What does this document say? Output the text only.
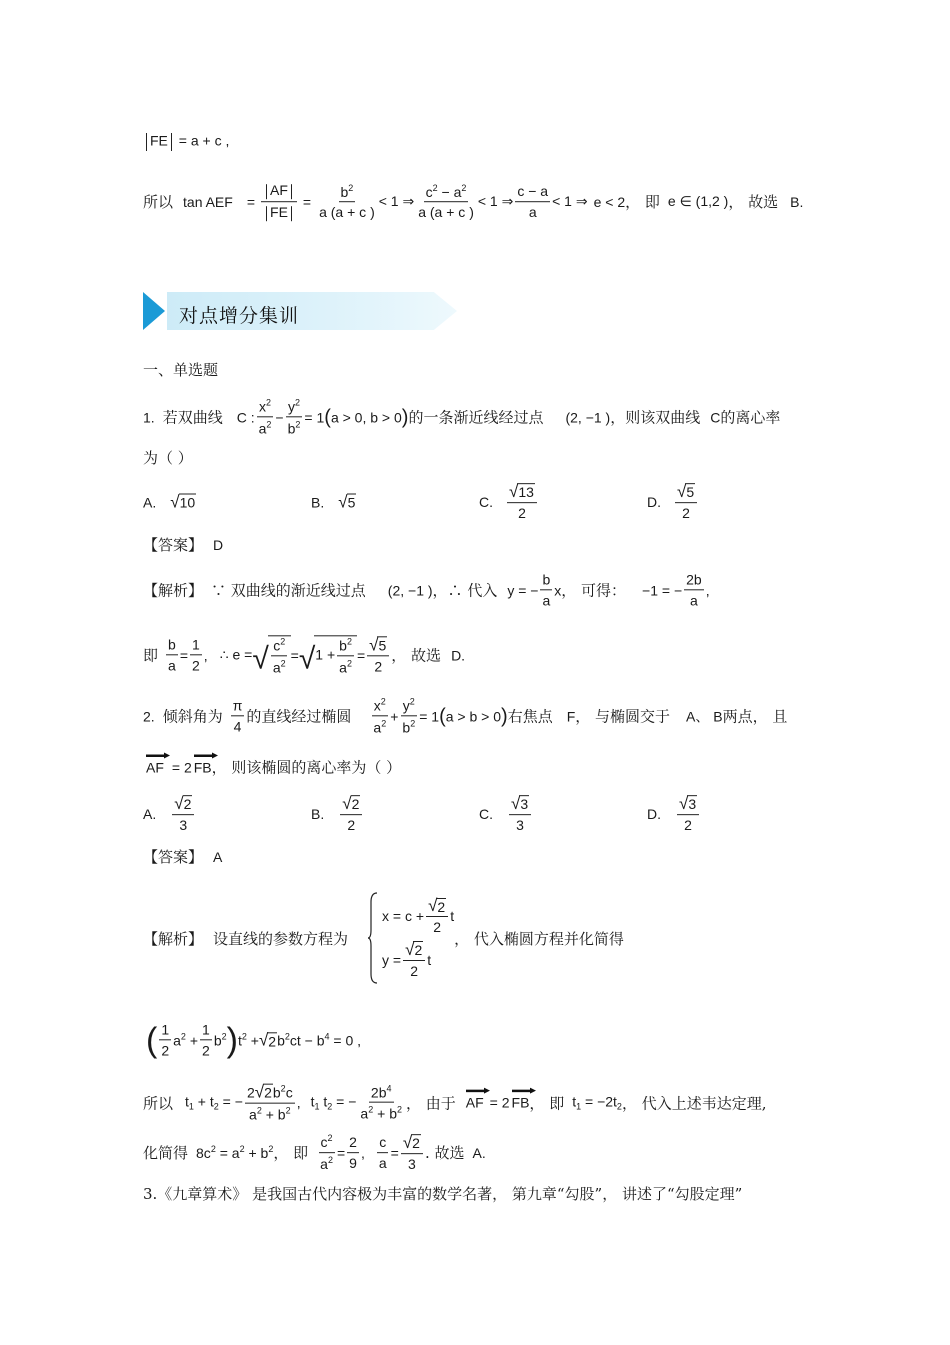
FE = a + c ,
所以 tan AEF = $\frac{AF}{FE} = \frac{b^2}{a (a + c )} < 1$ ⇒ $\frac{c^2 - a^2}{a (a + c )} < 1$ ⇒ $\frac{c - a}{a} < 1$ ⇒ e < 2 ， 即 e ∈ (1,2 ) ， 故选 B.
对点增分集训
一、单选题
1. 若双曲线 C : $\frac{x^2}{a^2} - \frac{y^2}{b^2} = 1$ ( a > 0, b > 0 ) 的一条渐近线经过点 (2, −1 ) ，则该双曲线 C 的离心率
为（ ）
A. √ 10	B. √ 5	C. $\frac{√ 13}{2}$	D. $\frac{√ 5}{2}$
【答案】 D
【解析】 ∵ 双曲线的渐近线过点 (2, −1 ) ，∴ 代入 y = − $\frac{b}{a}$ x ， 可得： −1 = − $\frac{2b}{a}$ ,
即 $\frac{b}{a} = \frac{1}{2}$ , ∴ e = √ $\frac{c^2}{a^2}$ = √ $1 + \frac{b^2}{a^2} = \frac{√ 5}{2}$ ， 故选 D.
2. 倾斜角为 $\frac{\pi}{4}$ 的直线经过椭圆 $\frac{x^2}{a^2} + \frac{y^2}{b^2} = 1$ ( a > b > 0 ) 右焦点 F ， 与椭圆交于 A、 B 两点， 且
AF = 2 FB ， 则该椭圆的离心率为（ ）
A. $\frac{√ 2}{3}$	B. $\frac{√ 2}{2}$	C. $\frac{√ 3}{3}$	D. $\frac{√ 3}{2}$
【答案】 A
【解析】 设直线的参数方程为
$x = c + \frac{√ 2}{2}$ t
$y = \frac{√ 2}{2}$ t
， 代入椭圆方程并化简得
( $\frac{1}{2} a^2 + \frac{1}{2} b^2$ ) $t^2$ + √ 2 $b^2ct - b^4 = 0$ ,
所以 $t_1 + t_2$ = − $\frac{2 √ 2 b^2c}{a^2 + b^2}$ , $t_1$ $t_2$ = − $\frac{2b^4}{a^2 + b^2}$ ， 由于 AF = 2 FB ， 即 $t_1 = -2t_2$ ， 代入上述韦达定理,
化简得 $8c^2 = a^2 + b^2$ ， 即 $\frac{c^2}{a^2} = \frac{2}{9}$ , $\frac{c}{a} = \frac{√ 2}{3}$ . 故选 A.
3.《九章算术》 是我国古代内容极为丰富的数学名著， 第九章“勾股”， 讲述了“勾股定理”
